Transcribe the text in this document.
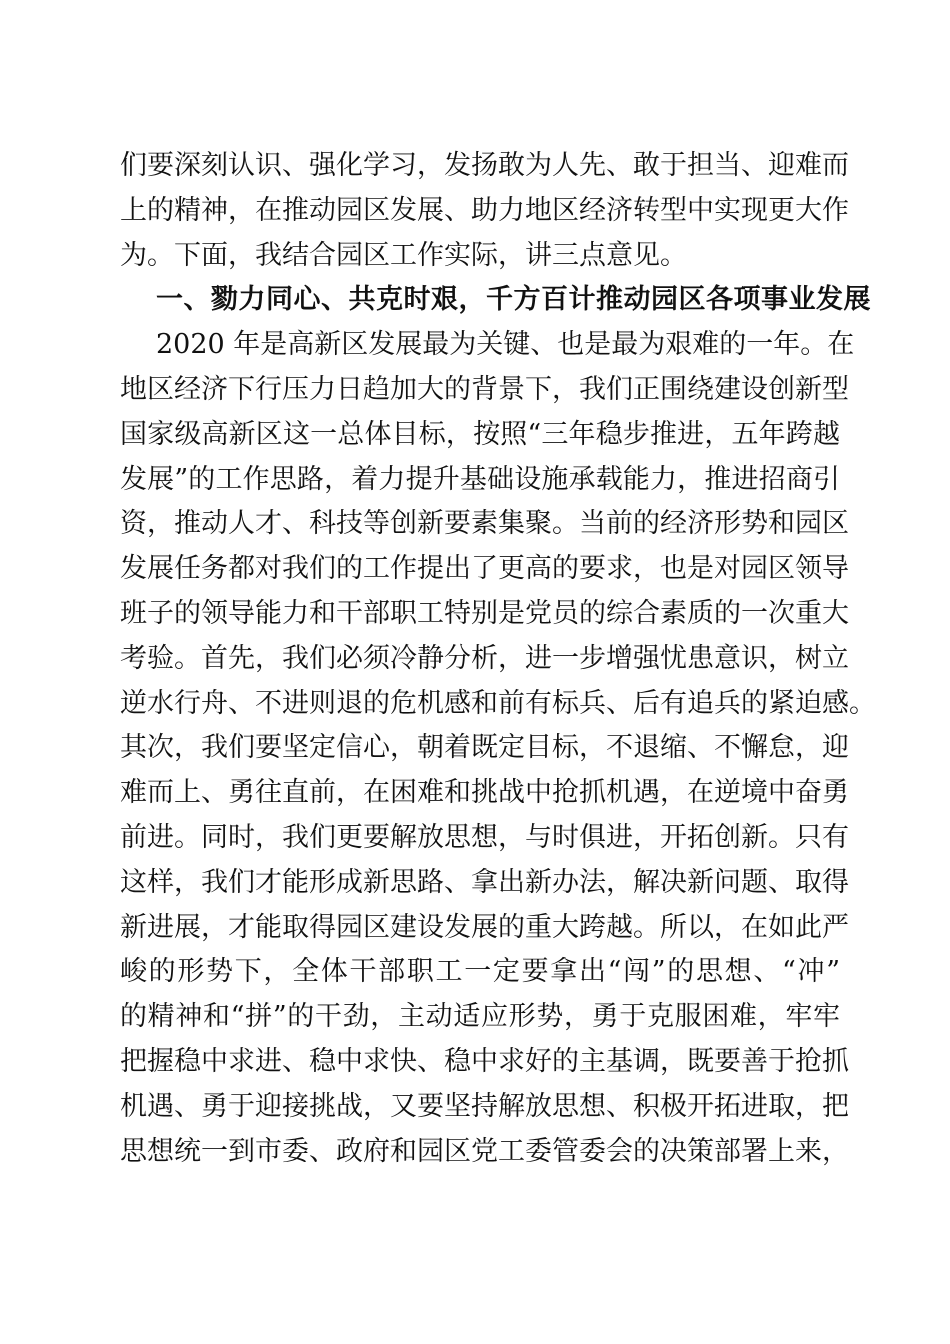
们要深刻认识、强化学习，发扬敢为人先、敢于担当、迎难而
上的精神，在推动园区发展、助力地区经济转型中实现更大作
为。下面，我结合园区工作实际，讲三点意见。
一、勠力同心、共克时艰，千方百计推动园区各项事业发展
2020 年是高新区发展最为关键、也是最为艰难的一年。在
地区经济下行压力日趋加大的背景下，我们正围绕建设创新型
国家级高新区这一总体目标，按照“三年稳步推进，五年跨越
发展”的工作思路，着力提升基础设施承载能力，推进招商引
资，推动人才、科技等创新要素集聚。当前的经济形势和园区
发展任务都对我们的工作提出了更高的要求，也是对园区领导
班子的领导能力和干部职工特别是党员的综合素质的一次重大
考验。首先，我们必须冷静分析，进一步增强忧患意识，树立
逆水行舟、不进则退的危机感和前有标兵、后有追兵的紧迫感。
其次，我们要坚定信心，朝着既定目标，不退缩、不懈怠，迎
难而上、勇往直前，在困难和挑战中抢抓机遇，在逆境中奋勇
前进。同时，我们更要解放思想，与时俱进，开拓创新。只有
这样，我们才能形成新思路、拿出新办法，解决新问题、取得
新进展，才能取得园区建设发展的重大跨越。所以，在如此严
峻的形势下，全体干部职工一定要拿出“闯”的思想、“冲”
的精神和“拼”的干劲，主动适应形势，勇于克服困难，牢牢
把握稳中求进、稳中求快、稳中求好的主基调，既要善于抢抓
机遇、勇于迎接挑战，又要坚持解放思想、积极开拓进取，把
思想统一到市委、政府和园区党工委管委会的决策部署上来，
